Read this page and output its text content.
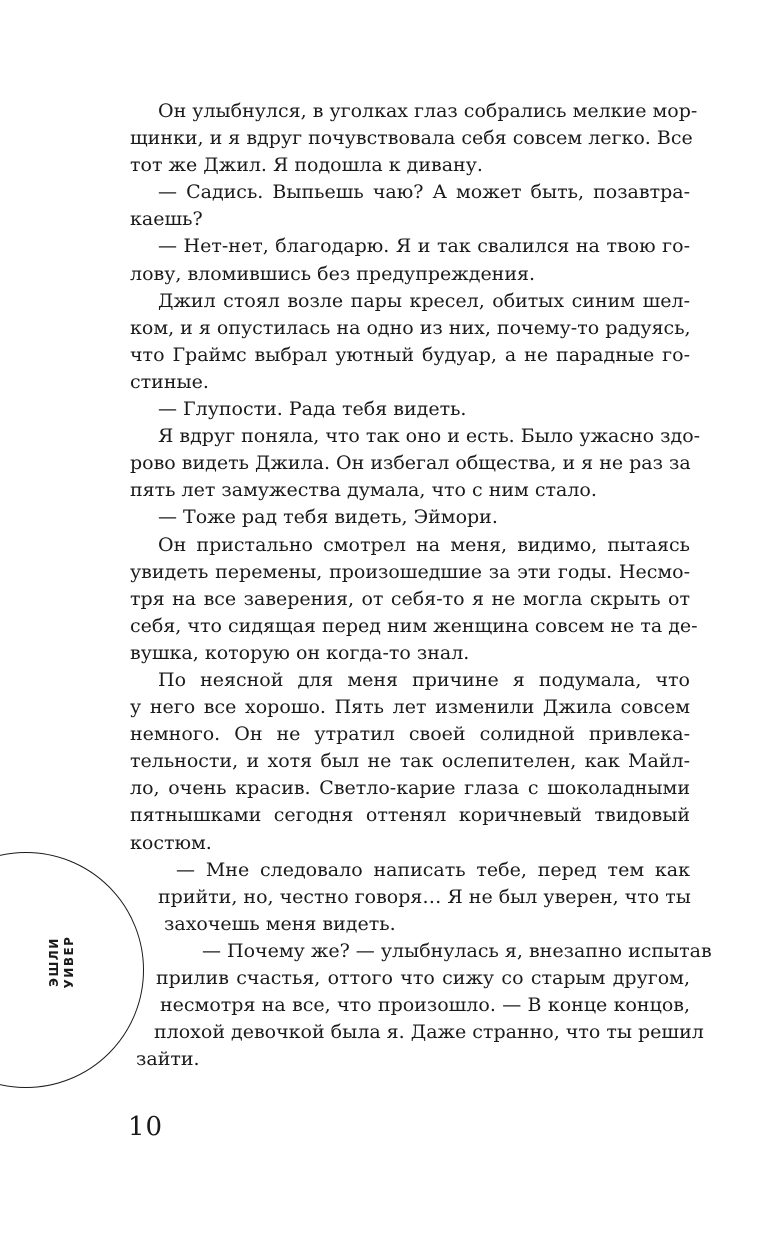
Он улыбнулся, в уголках глаз собрались мелкие мор-
щинки, и я вдруг почувствовала себя совсем легко. Все
тот же Джил. Я подошла к дивану.
— Садись. Выпьешь чаю? А может быть, позавтра-
каешь?
— Нет-нет, благодарю. Я и так свалился на твою го-
лову, вломившись без предупреждения.
Джил стоял возле пары кресел, обитых синим шел-
ком, и я опустилась на одно из них, почему-то радуясь,
что Граймс выбрал уютный будуар, а не парадные го-
стиные.
— Глупости. Рада тебя видеть.
Я вдруг поняла, что так оно и есть. Было ужасно здо-
рово видеть Джила. Он избегал общества, и я не раз за
пять лет замужества думала, что с ним стало.
— Тоже рад тебя видеть, Эймори.
Он пристально смотрел на меня, видимо, пытаясь
увидеть перемены, произошедшие за эти годы. Несмо-
тря на все заверения, от себя-то я не могла скрыть от
себя, что сидящая перед ним женщина совсем не та де-
вушка, которую он когда-то знал.
По неясной для меня причине я подумала, что
у него все хорошо. Пять лет изменили Джила совсем
немного. Он не утратил своей солидной привлека-
тельности, и хотя был не так ослепителен, как Майл-
ло, очень красив. Светло-карие глаза с шоколадными
пятнышками сегодня оттенял коричневый твидовый
костюм.
— Мне следовало написать тебе, перед тем как
прийти, но, честно говоря… Я не был уверен, что ты
захочешь меня видеть.
— Почему же? — улыбнулась я, внезапно испытав
прилив счастья, оттого что сижу со старым другом,
несмотря на все, что произошло. — В конце концов,
плохой девочкой была я. Даже странно, что ты решил
зайти.
ЭШЛИ УИВЕР
10
